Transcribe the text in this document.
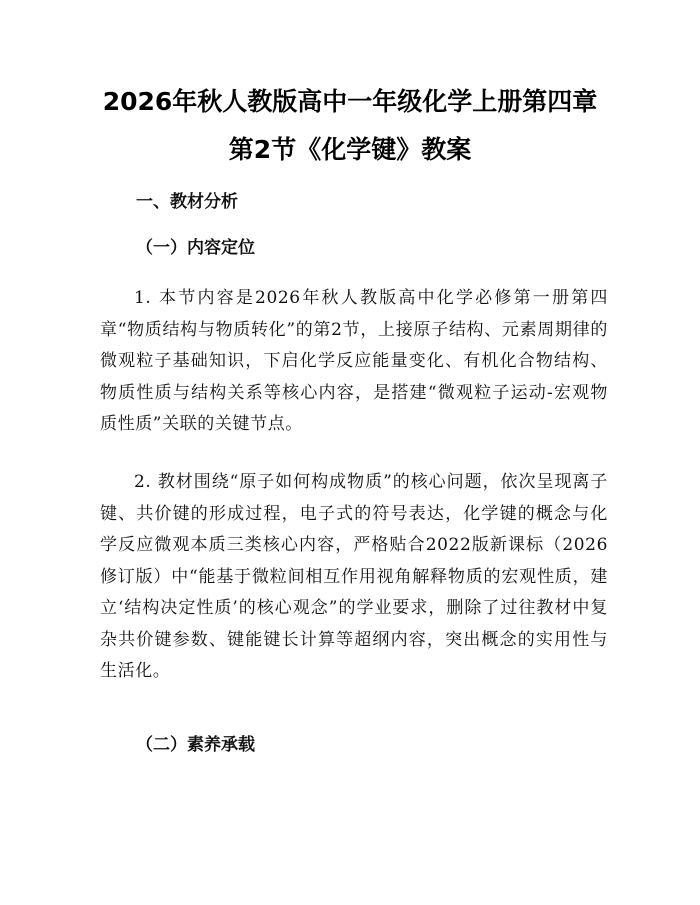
2026年秋人教版高中一年级化学上册第四章
第2节《化学键》教案
一、教材分析
（一）内容定位

1. 本节内容是2026年秋人教版高中化学必修第一册第四章“物质结构与物质转化”的第2节，上接原子结构、元素周期律的微观粒子基础知识，下启化学反应能量变化、有机化合物结构、物质性质与结构关系等核心内容，是搭建“微观粒子运动-宏观物质性质”关联的关键节点。

2. 教材围绕“原子如何构成物质”的核心问题，依次呈现离子键、共价键的形成过程，电子式的符号表达，化学键的概念与化学反应微观本质三类核心内容，严格贴合2022版新课标（2026修订版）中“能基于微粒间相互作用视角解释物质的宏观性质，建立‘结构决定性质’的核心观念”的学业要求，删除了过往教材中复杂共价键参数、键能键长计算等超纲内容，突出概念的实用性与生活化。

（二）素养承载
